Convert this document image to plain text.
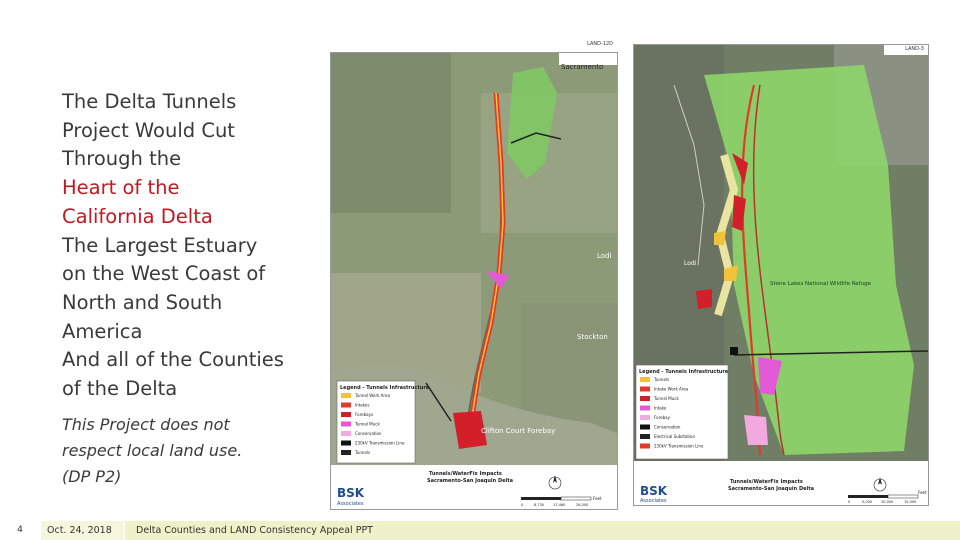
The Delta Tunnels
Project Would Cut
Through the
Heart of the
California Delta
The Largest Estuary
on the West Coast of
North and South
America
And all of the Counties
of the Delta
This Project does not
respect local land use.
(DP P2)
Sacramento
Lodi
Stockton
Clifton Court Forebay
Legend - Tunnels Infrastructure
Tunnel Work Area
Intakes
Forebays
Tunnel Muck
Conservation
230kV Transmission Line
Tunnels
Tunnels/WaterFix Impacts
Sacramento-San Joaquin Delta
BSK
Associates
Feet
0	8,730	17,460	26,000
LAND-12D
Stone Lakes National Wildlife Refuge
Lodi
Legend - Tunnels Infrastructure
Tunnels
Intake Work Area
Tunnel Muck
Intake
Forebay
Conservation
Electrical Substation
230kV Transmission Line
Tunnels/WaterFix Impacts
Sacramento-San Joaquin Delta
BSK
Associates
Feet
0	5,000	10,000	15,000
LAND-3
4	Oct. 24, 2018	Delta Counties and LAND Consistency Appeal PPT
